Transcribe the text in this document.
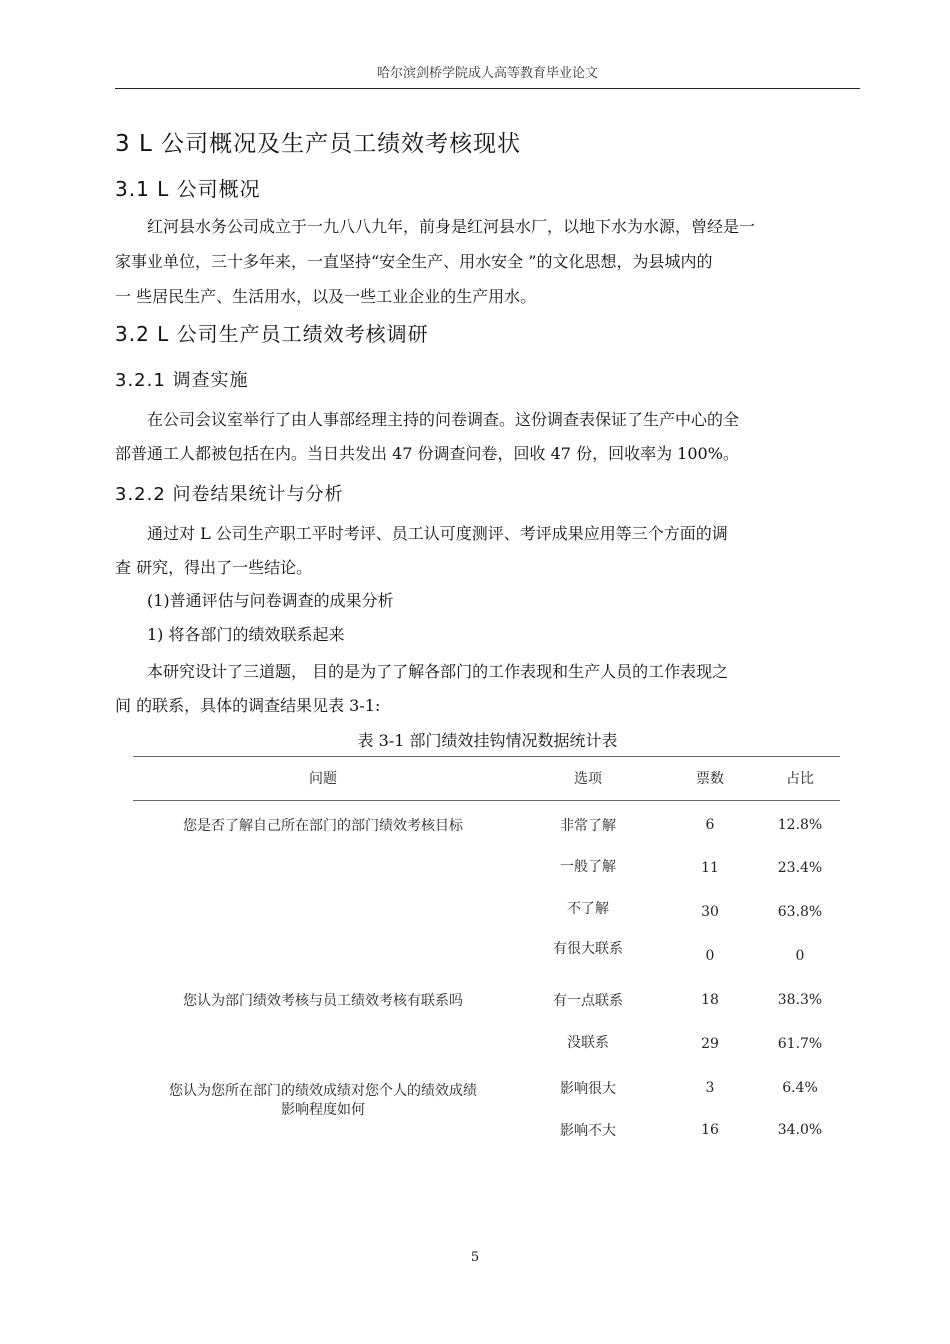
哈尔滨剑桥学院成人高等教育毕业论文
3 L 公司概况及生产员工绩效考核现状
3.1 L 公司概况
红河县水务公司成立于一九八八九年，前身是红河县水厂，以地下水为水源，曾经是一
家事业单位，三十多年来，一直坚持“安全生产、用水安全 ”的文化思想，为县城内的
一 些居民生产、生活用水，以及一些工业企业的生产用水。
3.2 L 公司生产员工绩效考核调研
3.2.1 调查实施
在公司会议室举行了由人事部经理主持的问卷调查。这份调查表保证了生产中心的全
部普通工人都被包括在内。当日共发出 47 份调查问卷，回收 47 份，回收率为 100%。
3.2.2 问卷结果统计与分析
通过对 L 公司生产职工平时考评、员工认可度测评、考评成果应用等三个方面的调
查 研究，得出了一些结论。
(1)普通评估与问卷调查的成果分析
1) 将各部门的绩效联系起来
本研究设计了三道题， 目的是为了了解各部门的工作表现和生产人员的工作表现之
间 的联系，具体的调查结果见表 3-1:
表 3-1 部门绩效挂钩情况数据统计表
问题	选项	票数	占比
您是否了解自己所在部门的部门绩效考核目标	非常了解	6	12.8%
一般了解	11	23.4%
不了解	30	63.8%
有很大联系	0	0
您认为部门绩效考核与员工绩效考核有联系吗	有一点联系	18	38.3%
没联系	29	61.7%
您认为您所在部门的绩效成绩对您个人的绩效成绩
影响程度如何
影响很大	3	6.4%
影响不大	16	34.0%
5
